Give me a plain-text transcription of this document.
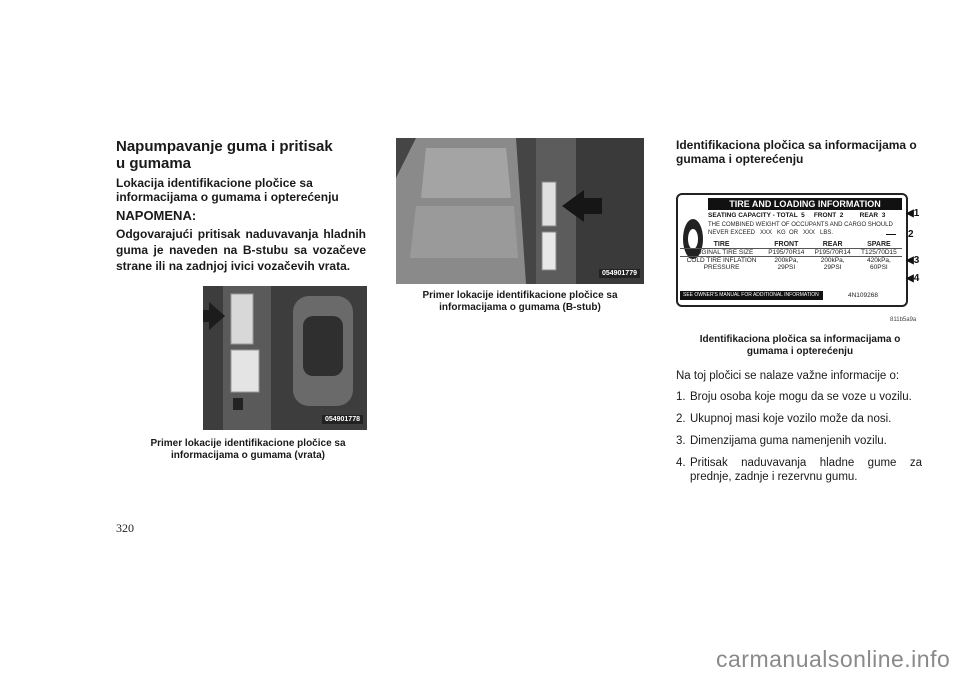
Napumpavanje guma i pritisak u gumama
Lokacija identifikacione pločice sa informacijama o gumama i opterećenju
NAPOMENA:
Odgovarajući pritisak naduvavanja hladnih guma je naveden na B-stubu sa vozačeve strane ili na zadnjoj ivici vozačevih vrata.
054901778
Primer lokacije identifikacione pločice sa informacijama o gumama (vrata)
054901779
Primer lokacije identifikacione pločice sa informacijama o gumama (B-stub)
Identifikaciona pločica sa informacijama o gumama i opterećenju
TIRE AND LOADING INFORMATION
SEATING CAPACITY - TOTAL  5     FRONT  2         REAR  3
THE COMBINED WEIGHT OF OCCUPANTS AND CARGO SHOULD
NEVER EXCEED   XXX   KG  OR   XXX   LBS.
TIRE	FRONT	REAR	SPARE
ORIGINAL TIRE SIZE	P195/70R14	P195/70R14	T125/70D15
COLD TIRE INFLATION PRESSURE	200kPa, 29PSI	200kPa, 29PSI	420kPa, 60PSI
SEE OWNER'S MANUAL FOR ADDITIONAL INFORMATION	4N109268
◀1
— 2
◀3
◀4
811b5a9a
Identifikaciona pločica sa informacijama o gumama i opterećenju
Na toj pločici se nalaze važne informacije o:
1. Broju osoba koje mogu da se voze u vozilu.
2. Ukupnoj masi koje vozilo može da nosi.
3. Dimenzijama guma namenjenih vozilu.
4. Pritisak naduvavanja hladne gume za prednje, zadnje i rezervnu gumu.
320
carmanualsonline.info
